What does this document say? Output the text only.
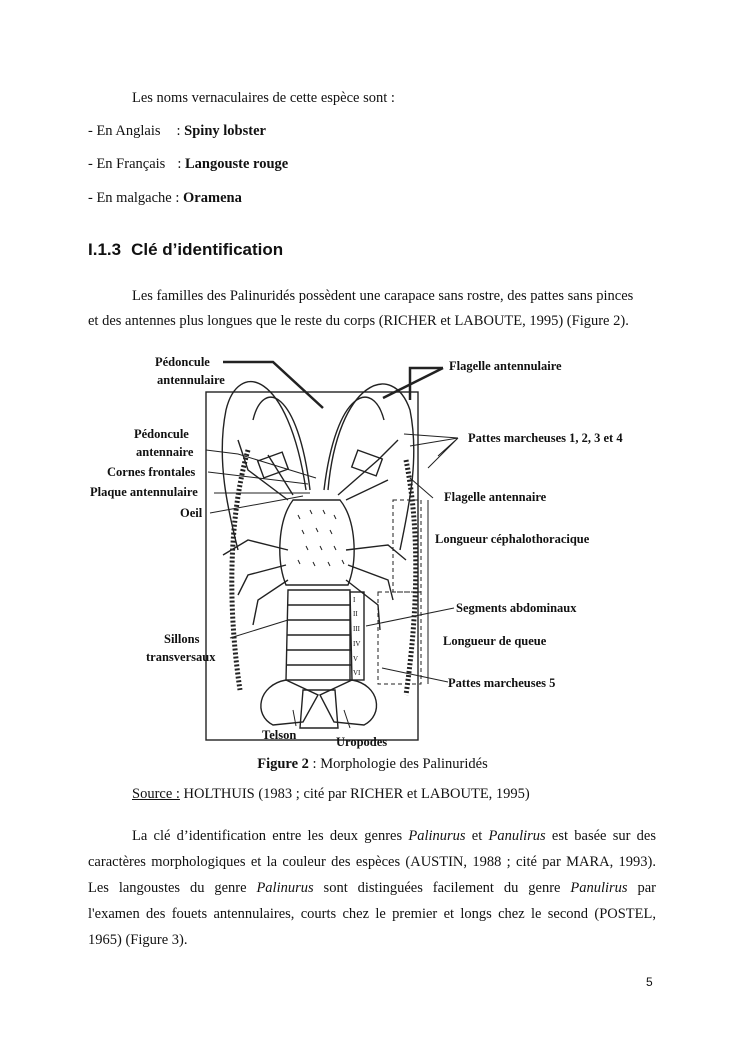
Les noms vernaculaires de cette espèce sont :
- En Anglais : Spiny lobster
- En Français : Langouste rouge
- En malgache : Oramena
I.1.3 Clé d’identification
Les familles des Palinuridés possèdent une carapace sans rostre, des pattes sans pinces
et des antennes plus longues que le reste du corps (RICHER et LABOUTE, 1995) (Figure 2).
I
II
III
IV
V
VI
Pédoncule
antennulaire
Pédoncule
antennaire
Cornes frontales
Plaque antennulaire
Oeil
Sillons
transversaux
Telson	Uropodes
Flagelle antennulaire
Pattes marcheuses 1, 2, 3 et 4
Flagelle antennaire
Longueur céphalothoracique
Segments abdominaux
Longueur de queue
Pattes marcheuses 5
Figure 2 : Morphologie des Palinuridés
Source : HOLTHUIS (1983 ; cité par RICHER et LABOUTE, 1995)
La clé d’identification entre les deux genres Palinurus et Panulirus est basée sur des
caractères morphologiques et la couleur des espèces (AUSTIN, 1988 ; cité par MARA, 1993).
Les langoustes du genre Palinurus sont distinguées facilement du genre Panulirus par
l'examen des fouets antennulaires, courts chez le premier et longs chez le second (POSTEL,
1965) (Figure 3).
5
